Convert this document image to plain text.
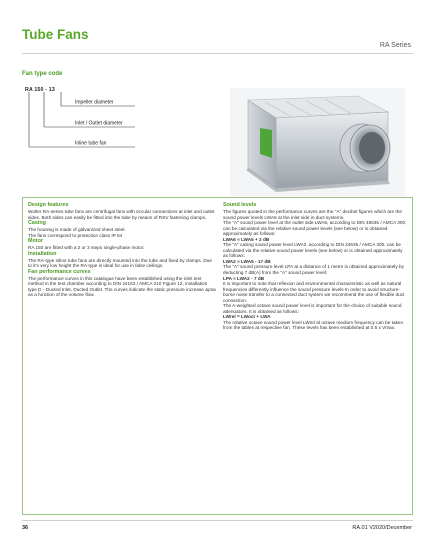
Tube Fans
RA Series
Fan type code
RA 150 - 13
Impeller diameter
Inlet / Outlet diameter
Inline tube fan
Design features

Wolter RA-series tube fans are centrifugal fans with circular connections at inlet and outlet sides. Both sides can easily be fitted into the tube by means of RSV fastening clamps.

Casing

The housing is made of galvanized sheet steel.

The fans correspond to protection class IP 54

Motor

RA 150 are fitted with a 2 or 3 steps single-phase motor.

Installation

The RA-type inline tube fans are directly mounted into the tube and fixed by clamps. Due to it's very low height the RA-type is ideal for use in false ceilings.

Fan performance curves

The performance curves in this catalogue have been established using the inlet test method in the test chamber according to DIN 24163 / AMCA 210 Figure 12, installation type D - Ducted Inlet, Ducted Outlet. The curves indicate the static pressure increase Δpsa as a function of the volume flow.

Sound levels

The figures quoted in the performance curves are the "A" decibel figures which are the sound power levels LWA6 at the inlet side in duct systems.

The "A" sound power level at the outlet side LWA6, according to DIN 45635 / AMCA 300, can be calculated via the relative sound power levels (see below) or is obtained approximately as follows:

LWA6 ≈ LWA5 + 2 dB

The "A" casing sound power level LWA2, according to DIN 24635 / AMCA 300, can be calculated via the relative sound power levels (see below) or is obtained approximately as follows:

LWA2 ≈ LWA5 - 17 dB

The "A" sound pressure level LPA at a distance of 1 metre is obtained approximately by deducting 7 dB(A) from the "A" sound power level:

LPA ≈ LWA2 - 7 dB

It is important to note that reflexion and environmental characteristic as well as natural frequencies differently influence the sound pressure levels In order to avoid structure-borne noise transfer to a connected duct system we recommend the use of flexible duct connection.

The A-weighted octave sound power level is important for the choice of suitable sound attenuators. It is obtained as follows:

LWrel = LWoct + LWA

The relative octave sound power level LWrel at octave medium frequency can be taken from the tables at respective fan. These levels has been established at 0.5 x Vmax.

36	RA.01 V2020/December
